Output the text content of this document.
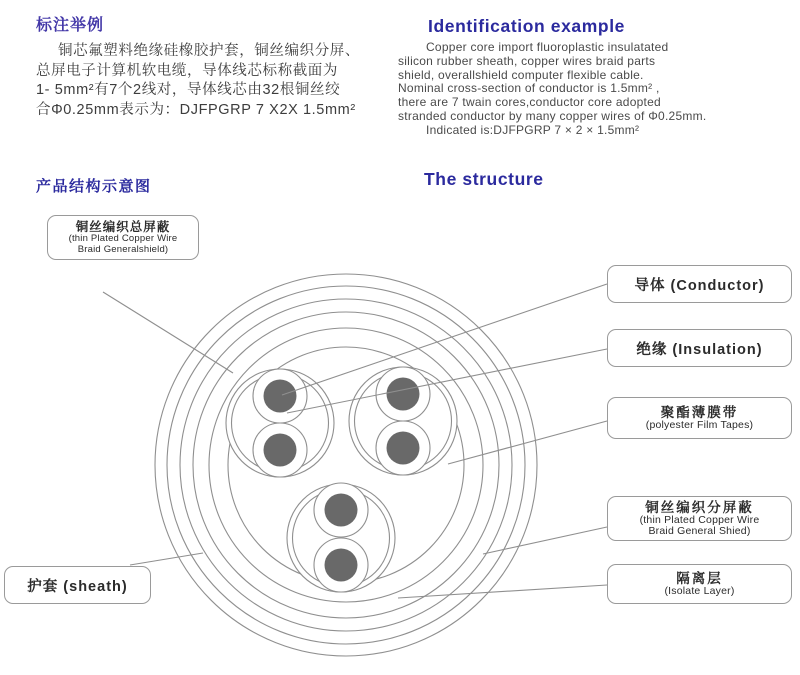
标注举例
铜芯氟塑料绝缘硅橡胶护套，铜丝编织分屏、
总屏电子计算机软电缆，导体线芯标称截面为
1- 5mm²有7个2线对，导体线芯由32根铜丝绞
合Φ0.25mm表示为：DJFPGRP 7 X2X 1.5mm²
Identification example
Copper core import fluoroplastic insulatated
silicon rubber sheath, copper wires braid parts
shield, overallshield computer flexible cable.
Nominal cross-section of conductor is 1.5mm² ,
there are 7 twain cores,conductor core adopted
stranded conductor by many copper wires of Φ0.25mm.
Indicated is:DJFPGRP 7 × 2 × 1.5mm²
产品结构示意图	The structure
铜丝编织总屏蔽
(thin Plated Copper Wire
Braid Generalshield)
导体 (Conductor)
绝缘 (Insulation)
聚酯薄膜带
(polyester Film Tapes)
铜丝编织分屏蔽
(thin Plated Copper Wire
Braid General Shied)
隔离层
(Isolate Layer)
护套 (sheath)
